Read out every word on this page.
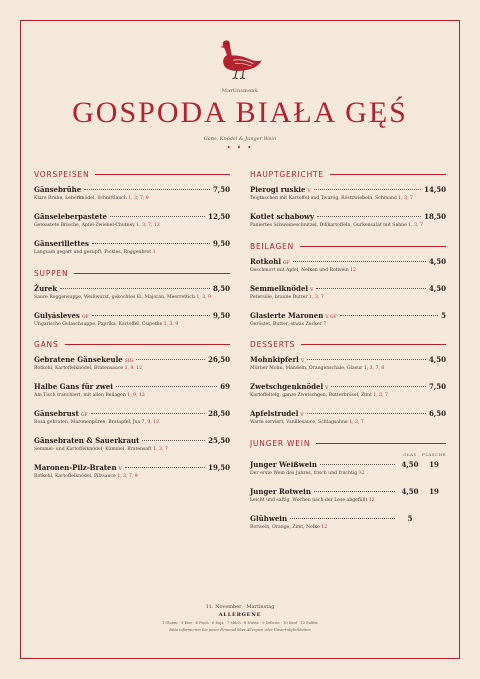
Martinsmenü
GOSPODA BIAŁA GĘŚ
Gans, Knödel & Junger Wein
• • •
VORSPEISEN
Gänsebrühe	7,50
Klare Brühe, Leberknödel, Schnittlauch 1, 3, 7, 9
Gänseleberpastete	12,50
Getoastete Brioche, Apfel-Zwiebel-Chutney 1, 3, 7, 12
Gänserillettes	9,50
Langsam gegart und gezupft, Pickles, Roggenbrot 1
SUPPEN
Żurek	8,50
Saure Roggensuppe, Weißwurst, gekochtes Ei, Majoran, Meerrettich 1, 3, 9
Gulyásleves GF	9,50
Ungarische Gulaschsuppe, Paprika, Kartoffel, Csipetke 1, 3, 9
GANS
Gebratene Gänsekeule SIG	26,50
Rotkohl, Kartoffelknödel, Bratensauce 1, 9, 12
Halbe Gans für zwei	69
Am Tisch tranchiert, mit allen Beilagen 1, 9, 12
Gänsebrust GF	28,50
Rosa gebraten, Maronenpüree, Bratapfel, Jus 7, 9, 12
Gänsebraten & Sauerkraut	25,50
Semmel- und Kartoffelknödel, Kümmel, Bratensaft 1, 3, 7
Maronen-Pilz-Braten V	19,50
Rotkohl, Kartoffelknödel, Pilzsauce 1, 3, 7, 9
HAUPTGERICHTE
Pierogi ruskie V	14,50
Teigtaschen mit Kartoffel und Twaróg, Röstzwiebeln, Schmand 1, 3, 7
Kotlet schabowy	18,50
Paniertes Schweineschnitzel, Dillkartoffeln, Gurkensalat mit Sahne 1, 3, 7
BEILAGEN
Rotkohl GF	4,50
Geschmort mit Apfel, Nelken und Rotwein 12
Semmelknödel V	4,50
Petersilie, braune Butter 1, 3, 7
Glasierte Maronen V GF	5
Geröstet, Butter, etwas Zucker 7
DESSERTS
Mohnkipferl V	4,50
Mürber Mohn, Mandeln, Orangenschale, Glasur 1, 3, 7, 8
Zwetschgenknödel V	7,50
Kartoffelteig, ganze Zwetschgen, Butterbrösel, Zimt 1, 3, 7
Apfelstrudel V	6,50
Warm serviert, Vanillesauce, Schlagsahne 1, 3, 7
JUNGER WEIN
GLAS	FLASCHE
Junger Weißwein	4,50	19
Der erste Wein des Jahres, frisch und fruchtig 12
Junger Rotwein	4,50	19
Leicht und saftig, Wochen nach der Lese abgefüllt 12
Glühwein	5
Rotwein, Orange, Zimt, Nelke 12
11. November · Martinstag
ALLERGENE
1 Gluten · 3 Eier · 4 Fisch · 6 Soja · 7 Milch · 8 Nüsse · 9 Sellerie · 10 Senf · 12 Sulfite
Bitte informieren Sie unser Personal über Allergien oder Unverträglichkeiten
